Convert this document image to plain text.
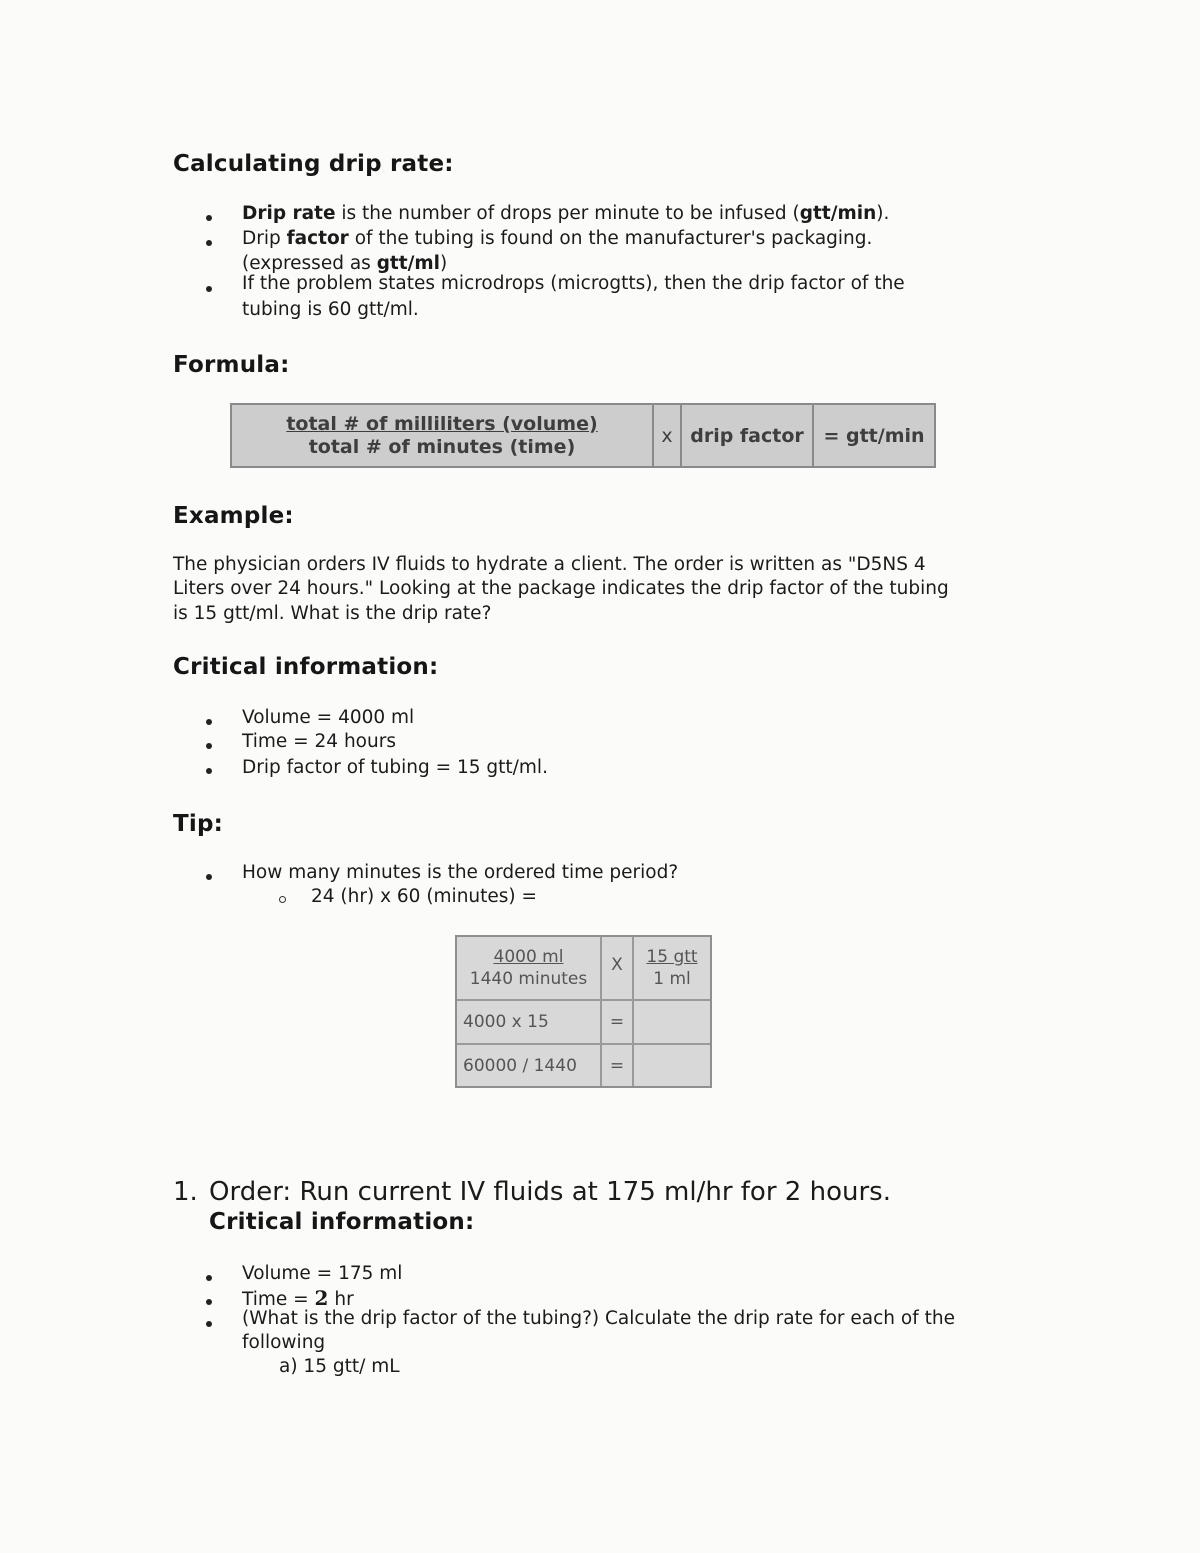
Calculating drip rate:
Drip rate is the number of drops per minute to be infused (gtt/min).
Drip factor of the tubing is found on the manufacturer's packaging.
(expressed as gtt/ml)
If the problem states microdrops (microgtts), then the drip factor of the
tubing is 60 gtt/ml.
Formula:
$\frac{\text{total \# of milliliters (volume)}}{\text{total \# of minutes (time)}}$	x drip factor	= gtt/min
Example:
The physician orders IV fluids to hydrate a client. The order is written as "D5NS 4
Liters over 24 hours." Looking at the package indicates the drip factor of the tubing
is 15 gtt/ml. What is the drip rate?
Critical information:
Volume = 4000 ml
Time = 24 hours
Drip factor of tubing = 15 gtt/ml.
Tip:
How many minutes is the ordered time period?
24 (hr) x 60 (minutes) =
$\frac{4000 ml}{\text{1440 minutes}}$	X	$\frac{\text{15 gtt}}{1 ml}$
4000 x 15	=
60000 / 1440	=
1. Order: Run current IV fluids at 175 ml/hr for 2 hours.
Critical information:
Volume = 175 ml
Time = 2 hr
(What is the drip factor of the tubing?) Calculate the drip rate for each of the
following
a) 15 gtt/ mL
